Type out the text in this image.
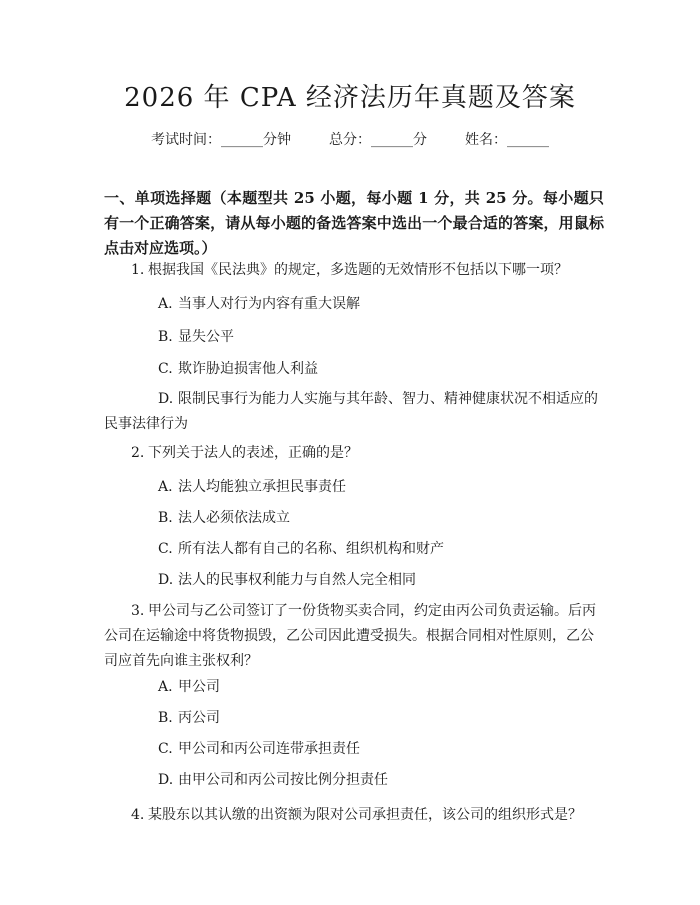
2026 年 CPA 经济法历年真题及答案
考试时间：______分钟	总分：______分	姓名：______
一、单项选择题（本题型共 25 小题，每小题 1 分，共 25 分。每小题只有一个正确答案，请从每小题的备选答案中选出一个最合适的答案，用鼠标点击对应选项。）
1. 根据我国《民法典》的规定，多选题的无效情形不包括以下哪一项？
A. 当事人对行为内容有重大误解
B. 显失公平
C. 欺诈胁迫损害他人利益
D. 限制民事行为能力人实施与其年龄、智力、精神健康状况不相适应的民事法律行为
2. 下列关于法人的表述，正确的是？
A. 法人均能独立承担民事责任
B. 法人必须依法成立
C. 所有法人都有自己的名称、组织机构和财产
D. 法人的民事权利能力与自然人完全相同
3. 甲公司与乙公司签订了一份货物买卖合同，约定由丙公司负责运输。后丙公司在运输途中将货物损毁，乙公司因此遭受损失。根据合同相对性原则，乙公司应首先向谁主张权利？
A. 甲公司
B. 丙公司
C. 甲公司和丙公司连带承担责任
D. 由甲公司和丙公司按比例分担责任
4. 某股东以其认缴的出资额为限对公司承担责任，该公司的组织形式是？
